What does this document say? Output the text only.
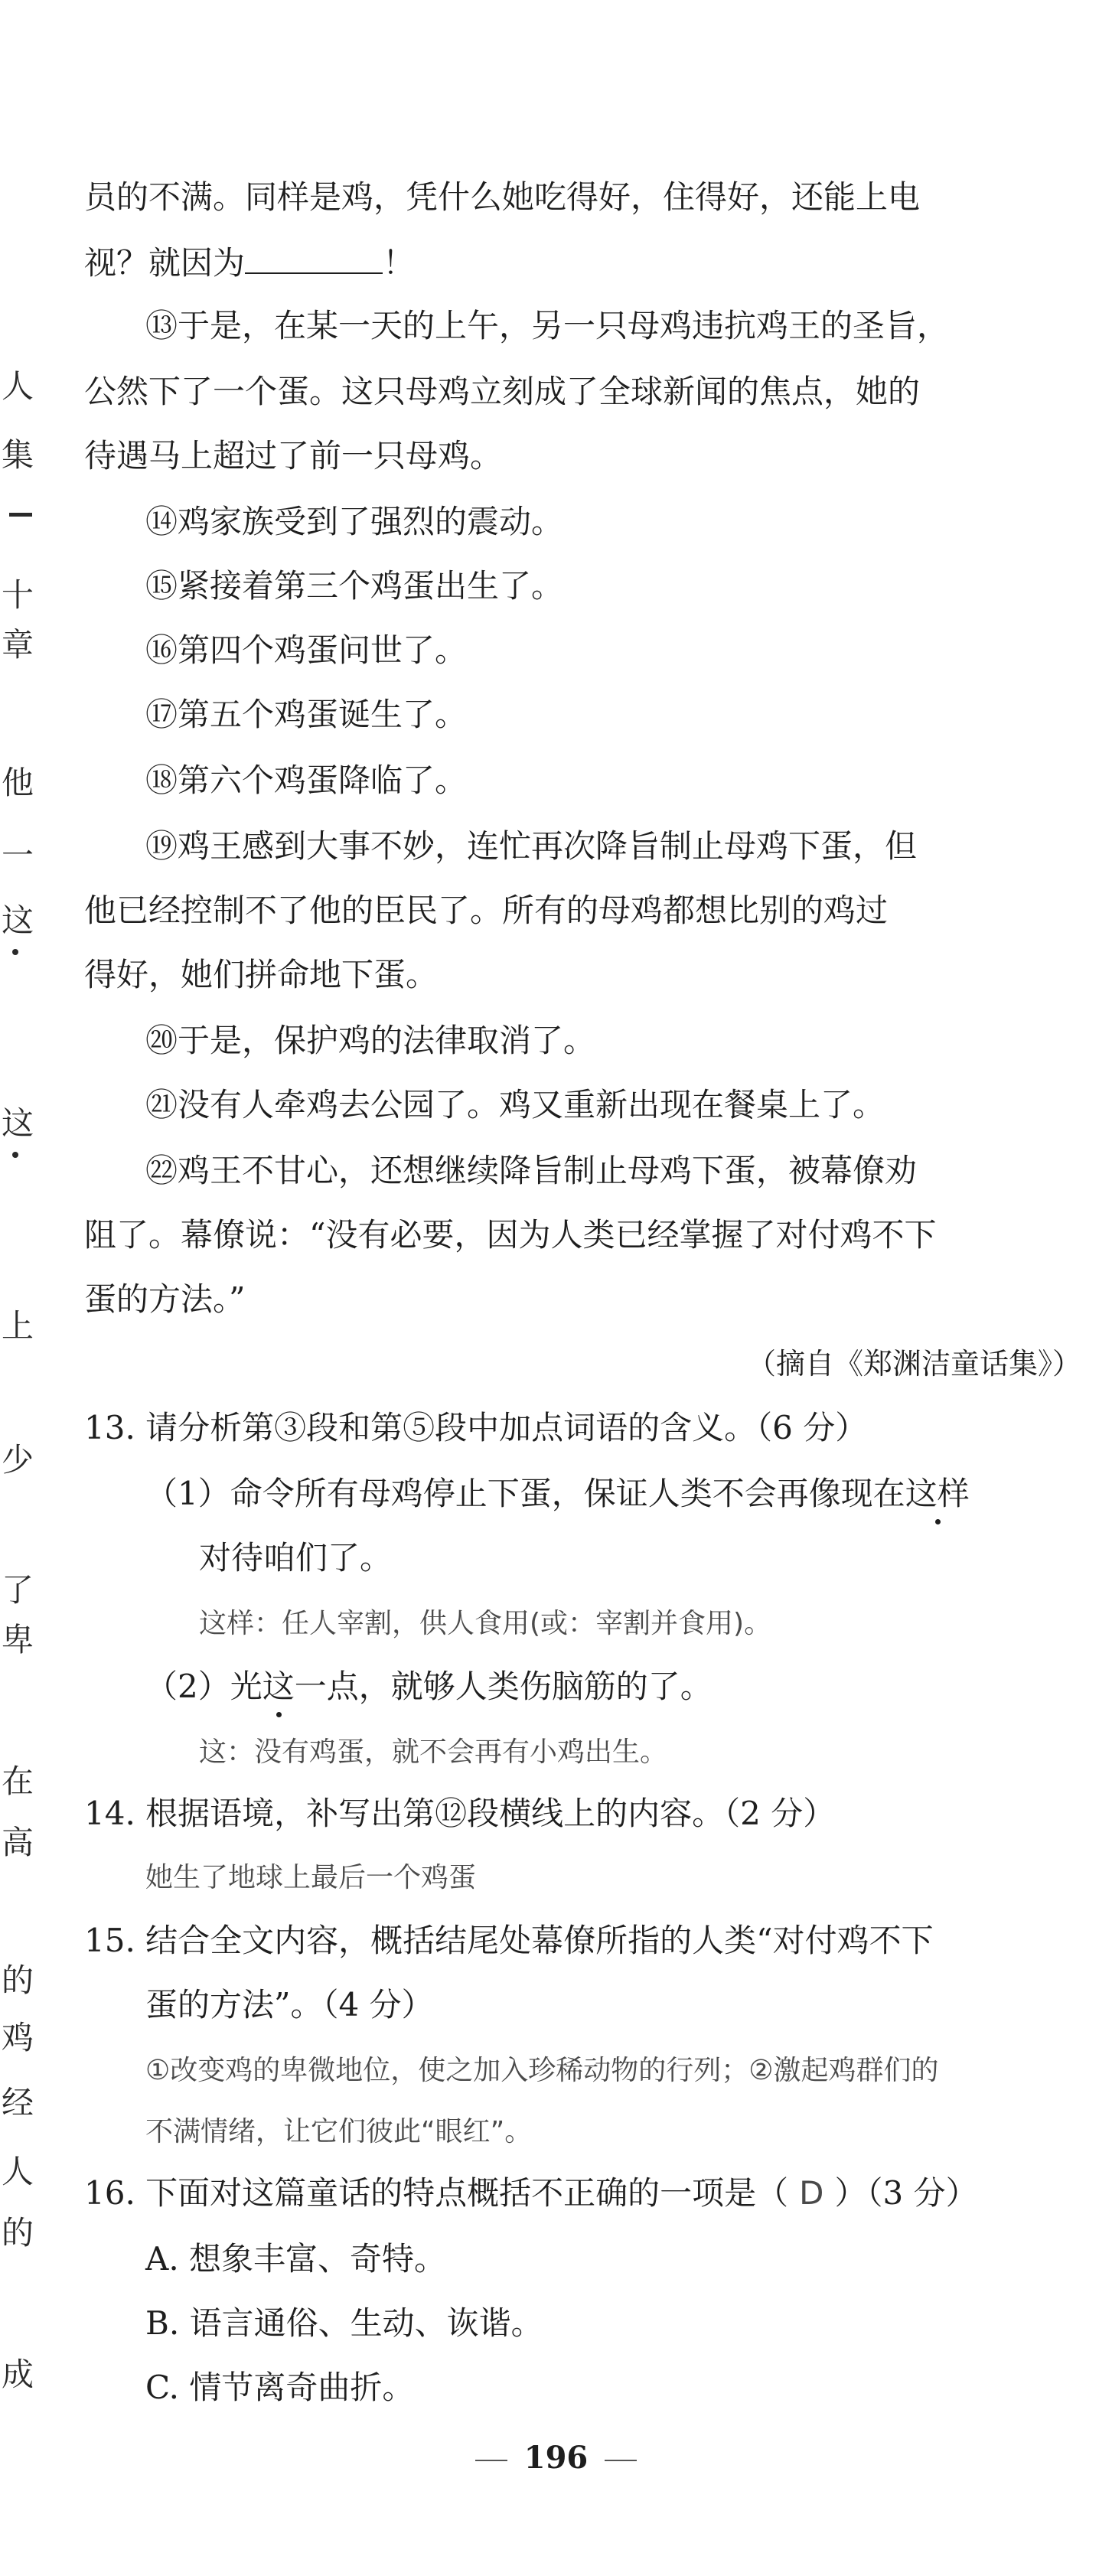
人
集
十
章
他
一
这
这
上
少
了
卑
在
高
的
鸡
经
人
的
成
员的不满。同样是鸡，凭什么她吃得好，住得好，还能上电
视？就因为	！
⑬于是，在某一天的上午，另一只母鸡违抗鸡王的圣旨，
公然下了一个蛋。这只母鸡立刻成了全球新闻的焦点，她的
待遇马上超过了前一只母鸡。
⑭鸡家族受到了强烈的震动。
⑮紧接着第三个鸡蛋出生了。
⑯第四个鸡蛋问世了。
⑰第五个鸡蛋诞生了。
⑱第六个鸡蛋降临了。
⑲鸡王感到大事不妙，连忙再次降旨制止母鸡下蛋，但
他已经控制不了他的臣民了。所有的母鸡都想比别的鸡过
得好，她们拼命地下蛋。
⑳于是，保护鸡的法律取消了。
㉑没有人牵鸡去公园了。鸡又重新出现在餐桌上了。
㉒鸡王不甘心，还想继续降旨制止母鸡下蛋，被幕僚劝
阻了。幕僚说：“没有必要，因为人类已经掌握了对付鸡不下
蛋的方法。”
（摘自《郑渊洁童话集》）
13. 请分析第③段和第⑤段中加点词语的含义。（6 分）
（1）命令所有母鸡停止下蛋，保证人类不会再像现在这样
对待咱们了。
这样：任人宰割，供人食用(或：宰割并食用)。
（2）光这一点，就够人类伤脑筋的了。
这：没有鸡蛋，就不会再有小鸡出生。
14. 根据语境，补写出第⑫段横线上的内容。（2 分）
她生了地球上最后一个鸡蛋
15. 结合全文内容，概括结尾处幕僚所指的人类“对付鸡不下
蛋的方法”。（4 分）
①改变鸡的卑微地位，使之加入珍稀动物的行列；②激起鸡群们的
不满情绪，让它们彼此“眼红”。
16. 下面对这篇童话的特点概括不正确的一项是（ D ）（3 分）
A. 想象丰富、奇特。
B. 语言通俗、生动、诙谐。
C. 情节离奇曲折。
196
